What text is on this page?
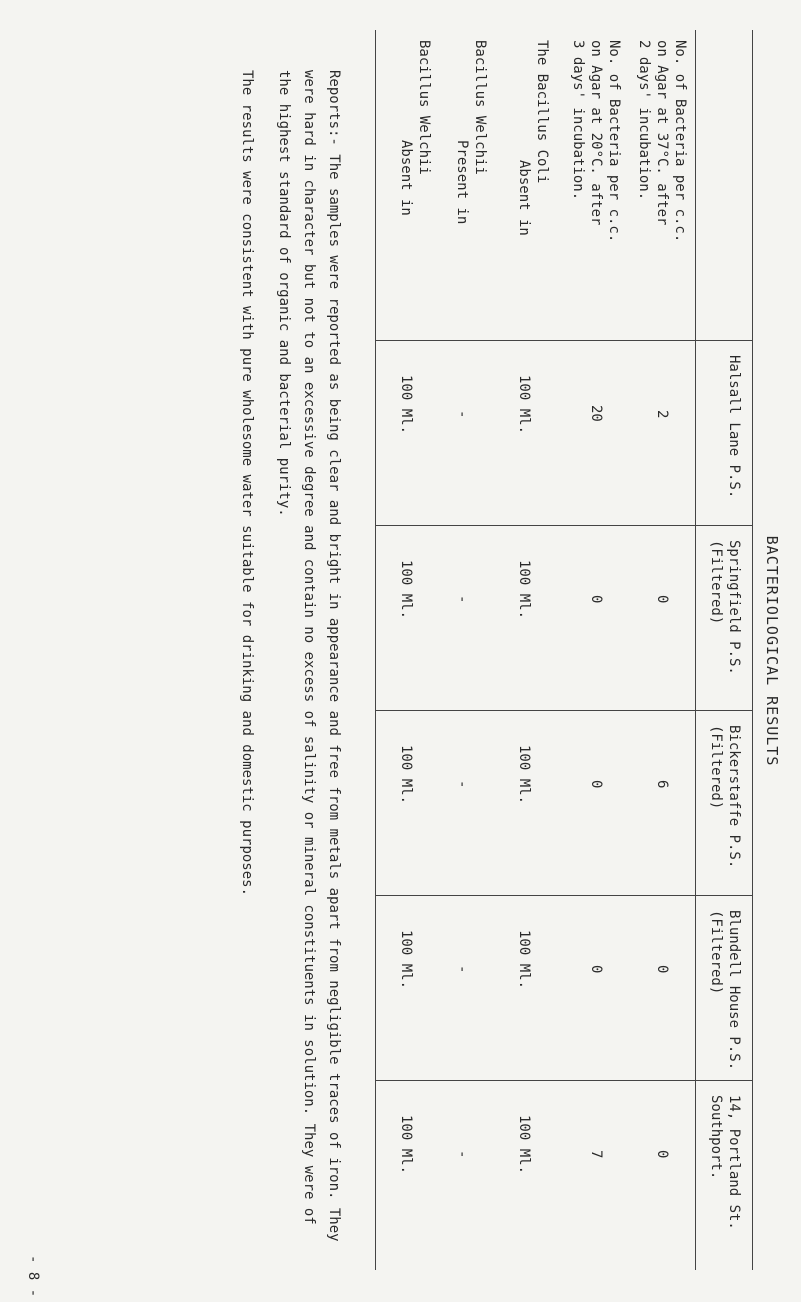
BACTERIOLOGICAL RESULTS
Halsall Lane P.S.
Springfield P.S.
(Filtered)
Bickerstaffe P.S.
(Filtered)
Blundell House P.S.
(Filtered)
14, Portland St.
Southport.
No. of Bacteria per c.c.
on Agar at 37°C. after
2 days' incubation.
2
0
6
0
0
No. of Bacteria per c.c.
on Agar at 20°C. after
3 days' incubation.
20
0
0
0
7
The Bacillus Coli
Absent in
100 Ml.
100 Ml.
100 Ml.
100 Ml.
100 Ml.
Bacillus Welchii
Present in
-
-
-
-
-
Bacillus Welchii
Absent in
100 Ml.
100 Ml.
100 Ml.
100 Ml.
100 Ml.

Reports:- The samples were reported as being clear and bright in appearance and free from metals apart from negligible traces of iron. They were hard in character but not to an excessive degree and contain no excess of salinity or mineral constituents in solution. They were of the highest standard of organic and bacterial purity.

The results were consistent with pure wholesome water suitable for drinking and domestic purposes.

- 8 -
